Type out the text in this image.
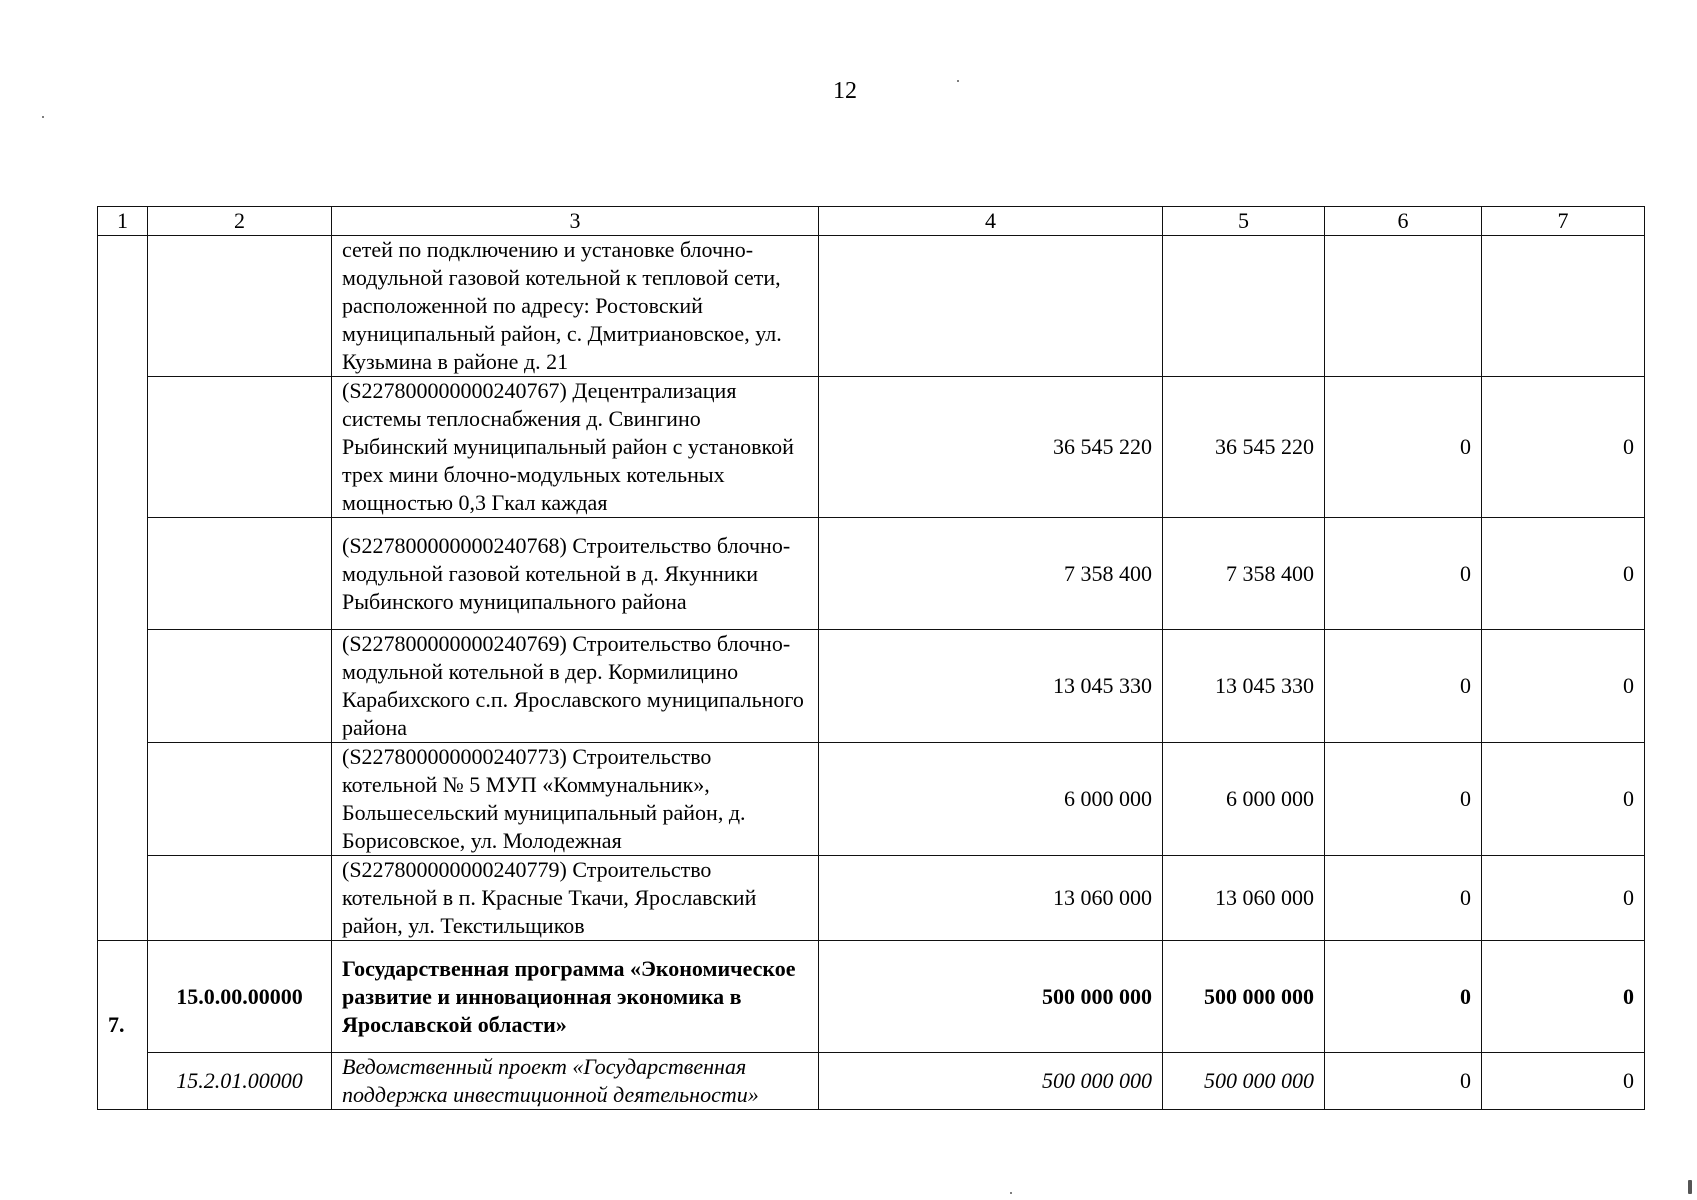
12
1	2	3	4	5	6	7
		сетей по подключению и установке блочно-модульной газовой котельной к тепловой сети, расположенной по адресу: Ростовский муниципальный район, с. Дмитриановское, ул. Кузьмина в районе д. 21				
		(S227800000000240767) Децентрализация системы теплоснабжения д. Свингино Рыбинский муниципальный район с установкой трех мини блочно-модульных котельных мощностью 0,3 Гкал каждая	36 545 220	36 545 220	0	0
		(S227800000000240768) Строительство блочно-модульной газовой котельной в д. Якунники Рыбинского муниципального района	7 358 400	7 358 400	0	0
		(S227800000000240769) Строительство блочно-модульной котельной в дер. Кормилицино Карабихского с.п. Ярославского муниципального района	13 045 330	13 045 330	0	0
		(S227800000000240773) Строительство котельной № 5 МУП «Коммунальник», Большесельский муниципальный район, д. Борисовское, ул. Молодежная	6 000 000	6 000 000	0	0
		(S227800000000240779) Строительство котельной в п. Красные Ткачи, Ярославский район, ул. Текстильщиков	13 060 000	13 060 000	0	0
7.	15.0.00.00000	Государственная программа «Экономическое развитие и инновационная экономика в Ярославской области»	500 000 000	500 000 000	0	0
	15.2.01.00000	Ведомственный проект «Государственная поддержка инвестиционной деятельности»	500 000 000	500 000 000	0	0
